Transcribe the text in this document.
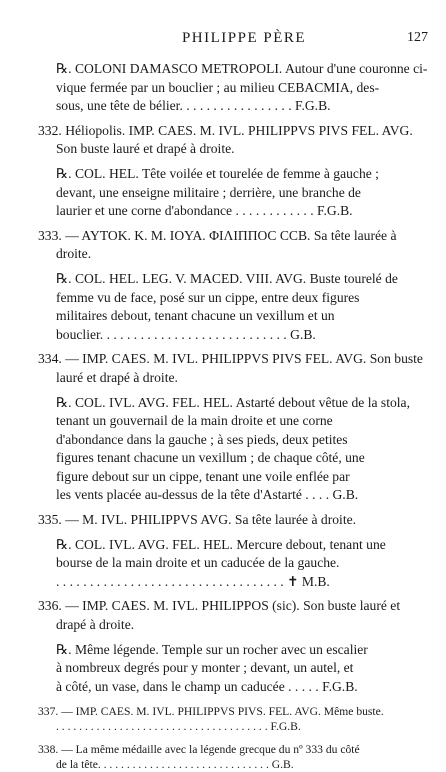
PHILIPPE PÈRE	127
℞. COLONI DAMASCO METROPOLI. Autour d'une couronne ci-
vique fermée par un bouclier ; au milieu CEBACMIA, des-
sous, une tête de bélier. . . . . . . . . . . . . . . . . F.G.B.
332. Héliopolis. IMP. CAES. M. IVL. PHILIPPVS PIVS FEL. AVG.
Son buste lauré et drapé à droite.
℞. COL. HEL. Tête voilée et tourelée de femme à gauche ;
devant, une enseigne militaire ; derrière, une branche de
laurier et une corne d'abondance . . . . . . . . . . . . F.G.B.
333. — AYTOK. K. M. IOYA. ΦΙΛΙΠΠΟC CCB. Sa tête laurée à
droite.
℞. COL. HEL. LEG. V. MACED. VIII. AVG. Buste tourelé de
femme vu de face, posé sur un cippe, entre deux figures
militaires debout, tenant chacune un vexillum et un
bouclier. . . . . . . . . . . . . . . . . . . . . . . . . . . . G.B.
334. — IMP. CAES. M. IVL. PHILIPPVS PIVS FEL. AVG. Son buste
lauré et drapé à droite.
℞. COL. IVL. AVG. FEL. HEL. Astarté debout vêtue de la stola,
tenant un gouvernail de la main droite et une corne
d'abondance dans la gauche ; à ses pieds, deux petites
figures tenant chacune un vexillum ; de chaque côté, une
figure debout sur un cippe, tenant une voile enflée par
les vents placée au-dessus de la tête d'Astarté . . . . G.B.
335. — M. IVL. PHILIPPVS AVG. Sa tête laurée à droite.
℞. COL. IVL. AVG. FEL. HEL. Mercure debout, tenant une
bourse de la main droite et un caducée de la gauche.
. . . . . . . . . . . . . . . . . . . . . . . . . . . . . . . . . . ✝ M.B.
336. — IMP. CAES. M. IVL. PHILIPPOS (sic). Son buste lauré et
drapé à droite.
℞. Même légende. Temple sur un rocher avec un escalier
à nombreux degrés pour y monter ; devant, un autel, et
à côté, un vase, dans le champ un caducée . . . . . F.G.B.
337. — IMP. CAES. M. IVL. PHILIPPVS PIVS. FEL. AVG. Même buste.
. . . . . . . . . . . . . . . . . . . . . . . . . . . . . . . . . . . . . F.G.B.
338. — La même médaille avec la légende grecque du nº 333 du côté
de la tête. . . . . . . . . . . . . . . . . . . . . . . . . . . . . . G.B.
